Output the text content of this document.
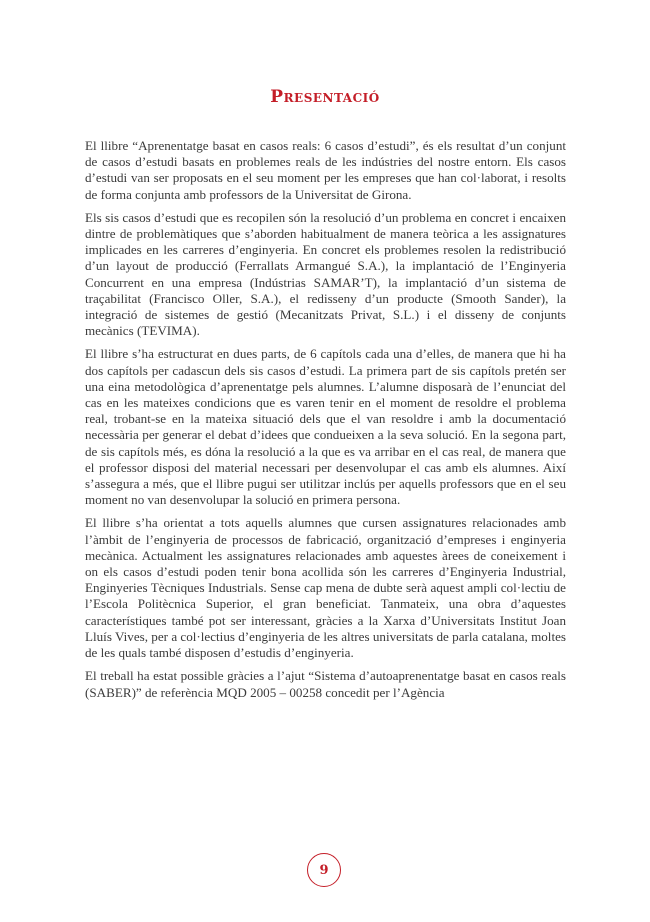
Presentació

El llibre “Aprenentatge basat en casos reals: 6 casos d’estudi”, és els resultat d’un conjunt de casos d’estudi basats en problemes reals de les indústries del nostre entorn. Els casos d’estudi van ser proposats en el seu moment per les empreses que han col·laborat, i resolts de forma conjunta amb professors de la Universitat de Girona.

Els sis casos d’estudi que es recopilen són la resolució d’un problema en concret i encaixen dintre de problemàtiques que s’aborden habitualment de manera teòrica a les assignatures implicades en les carreres d’enginyeria. En concret els problemes resolen la redistribució d’un layout de producció (Ferrallats Armangué S.A.), la implantació de l’Enginyeria Concurrent en una empresa (Indústrias SAMAR’T), la implantació d’un sistema de traçabilitat (Francisco Oller, S.A.), el redisseny d’un producte (Smooth Sander), la integració de sistemes de gestió (Mecanitzats Privat, S.L.) i el disseny de conjunts mecànics (TEVIMA).

El llibre s’ha estructurat en dues parts, de 6 capítols cada una d’elles, de manera que hi ha dos capítols per cadascun dels sis casos d’estudi. La primera part de sis capítols pretén ser una eina metodològica d’aprenentatge pels alumnes. L’alumne disposarà de l’enunciat del cas en les mateixes condicions que es varen tenir en el moment de resoldre el problema real, trobant-se en la mateixa situació dels que el van resoldre i amb la documentació necessària per generar el debat d’idees que condueixen a la seva solució. En la segona part, de sis capítols més, es dóna la resolució a la que es va arribar en el cas real, de manera que el professor disposi del material necessari per desenvolupar el cas amb els alumnes. Així s’assegura a més, que el llibre pugui ser utilitzar inclús per aquells professors que en el seu moment no van desenvolupar la solució en primera persona.

El llibre s’ha orientat a tots aquells alumnes que cursen assignatures relacionades amb l’àmbit de l’enginyeria de processos de fabricació, organització d’empreses i enginyeria mecànica. Actualment les assignatures relacionades amb aquestes àrees de coneixement i on els casos d’estudi poden tenir bona acollida són les carreres d’Enginyeria Industrial, Enginyeries Tècniques Industrials. Sense cap mena de dubte serà aquest ampli col·lectiu de l’Escola Politècnica Superior, el gran beneficiat. Tanmateix, una obra d’aquestes característiques també pot ser interessant, gràcies a la Xarxa d’Universitats Institut Joan Lluís Vives, per a col·lectius d’enginyeria de les altres universitats de parla catalana, moltes de les quals també disposen d’estudis d’enginyeria.

El treball ha estat possible gràcies a l’ajut “Sistema d’autoaprenentatge basat en casos reals (SABER)” de referència MQD 2005 – 00258 concedit per l’Agència

9
